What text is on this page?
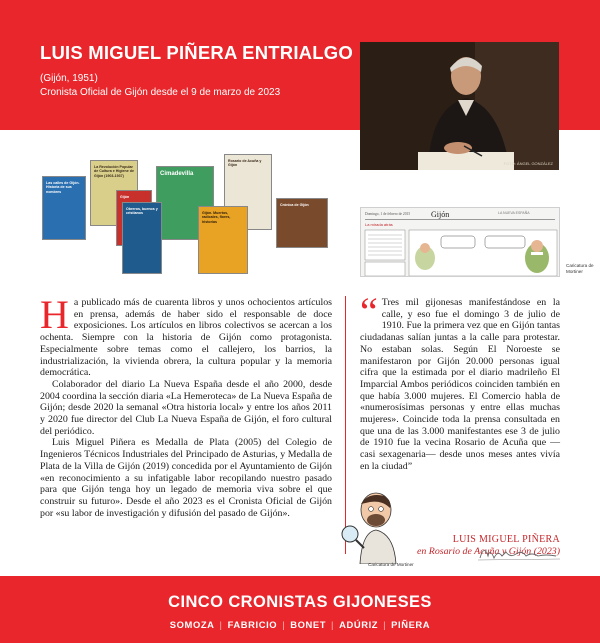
LUIS MIGUEL PIÑERA ENTRIALGO
(Gijón, 1951)
Cronista Oficial de Gijón desde el 9 de marzo de 2023
FOTO: ÁNGEL GONZÁLEZ
Las calles de Gijón. Historia de sus nombres
La Revolución Popular de Cultura e Higiene de Gijón (1903-1937)
Gijón
Cimadevilla
Rosario de Acuña y Gijón
Obreros, buenos y cristianos	Gijón. Muertos, radicales, flores, historias
Crónica de Gijón
Domingo, 1 de febrero de 2015	Gijón	LA NUEVA ESPAÑA
La mirada atrás
Caricatura de Mortiner

Ha publicado más de cuarenta libros y unos ochocientos artículos en prensa, además de haber sido el responsable de doce exposiciones. Los artículos en libros colectivos se acercan a los ochenta. Siempre con la historia de Gijón como protagonista. Especialmente sobre temas como el callejero, los barrios, la industrialización, la vivienda obrera, la cultura popular y la memoria democrática.

Colaborador del diario La Nueva España desde el año 2000, desde 2004 coordina la sección diaria «La Hemeroteca» de La Nueva España de Gijón; desde 2020 la semanal «Otra historia local» y entre los años 2011 y 2020 fue director del Club La Nueva España de Gijón, el foro cultural del periódico.

Luis Miguel Piñera es Medalla de Plata (2005) del Colegio de Ingenieros Técnicos Industriales del Principado de Asturias, y Medalla de Plata de la Villa de Gijón (2019) concedida por el Ayuntamiento de Gijón «en reconocimiento a su infatigable labor recopilando nuestro pasado para que Gijón tenga hoy un legado de memoria viva sobre el que construir su futuro». Desde el año 2023 es el Cronista Oficial de Gijón por «su labor de investigación y difusión del pasado de Gijón».

“ Tres mil gijonesas manifestándose en la calle, y eso fue el domingo 3 de julio de 1910. Fue la primera vez que en Gijón tantas ciudadanas salían juntas a la calle para protestar. No estaban solas. Según El Noroeste se manifestaron por Gijón 20.000 personas igual cifra que la estimada por el diario madrileño El Imparcial Ambos periódicos coinciden también en que había 3.000 mujeres. El Comercio habla de «numerosísimas personas y entre ellas muchas mujeres». Coincide toda la prensa consultada en que una de las 3.000 manifestantes ese 3 de julio de 1910 fue la vecina Rosario de Acuña que —casi sexagenaria— desde unos meses antes vivía en la ciudad”
LUIS MIGUEL PIÑERA
en Rosario de Acuña y Gijón (2023)
Caricatura de Mortiner
CINCO CRONISTAS GIJONESES
SOMOZA | FABRICIO | BONET | ADÚRIZ | PIÑERA
